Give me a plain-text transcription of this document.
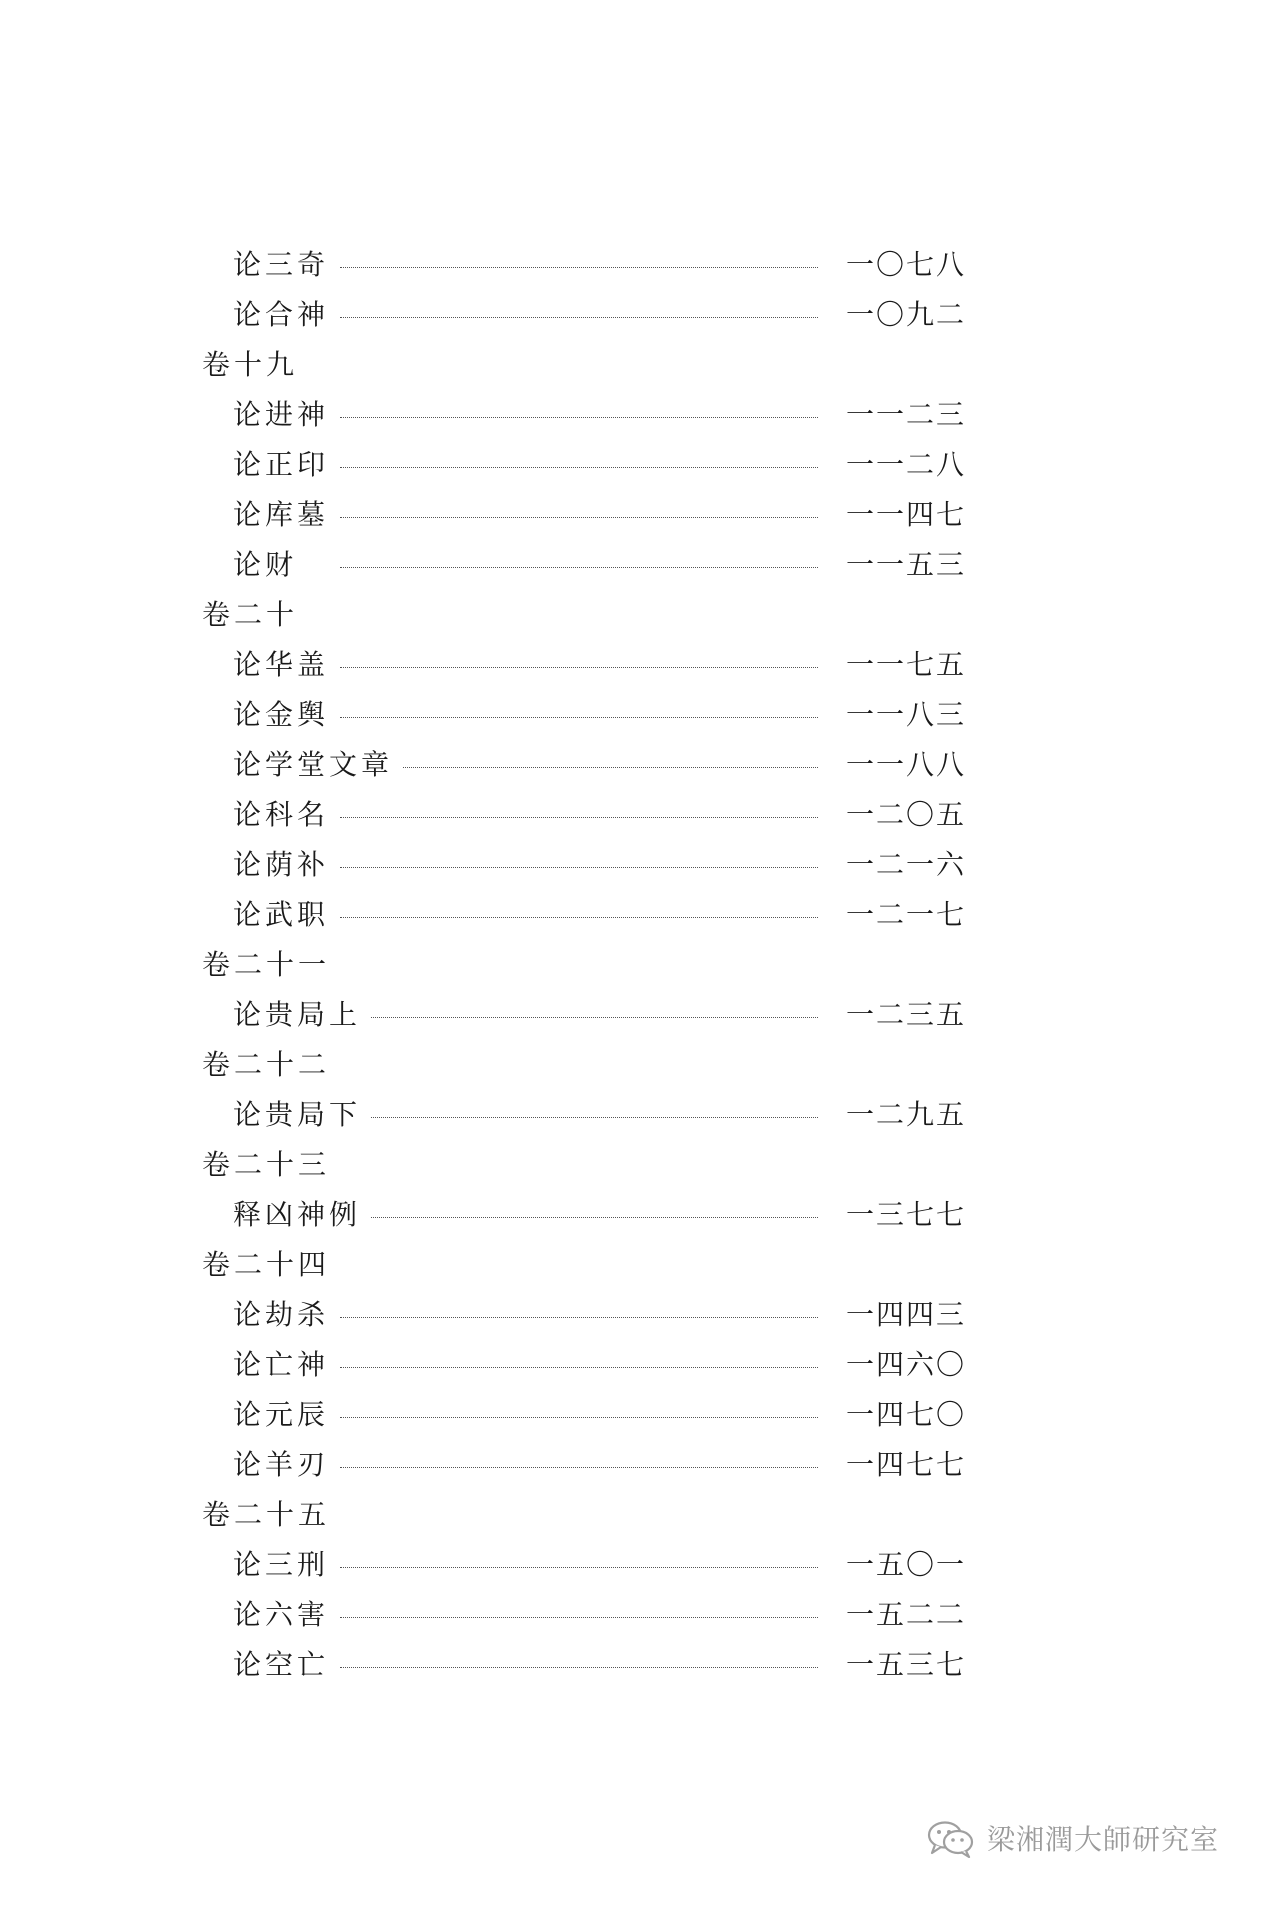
论三奇	一〇七八
论合神	一〇九二
卷十九
论进神	一一二三
论正印	一一二八
论库墓	一一四七
论财	一一五三
卷二十
论华盖	一一七五
论金舆	一一八三
论学堂文章	一一八八
论科名	一二〇五
论荫补	一二一六
论武职	一二一七
卷二十一
论贵局上	一二三五
卷二十二
论贵局下	一二九五
卷二十三
释凶神例	一三七七
卷二十四
论劫杀	一四四三
论亡神	一四六〇
论元辰	一四七〇
论羊刃	一四七七
卷二十五
论三刑	一五〇一
论六害	一五二二
论空亡	一五三七
梁湘潤大師研究室
